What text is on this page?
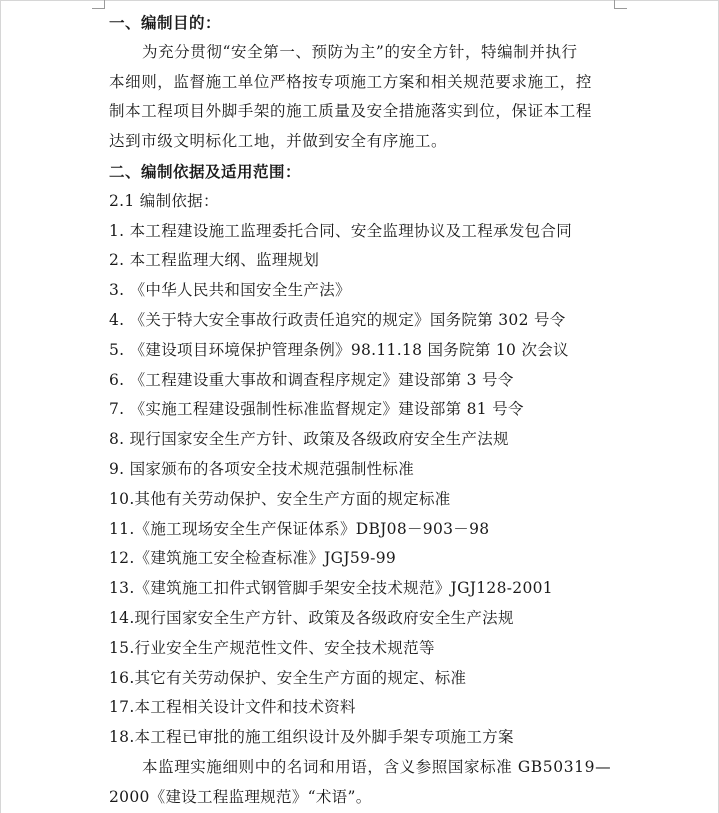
一、编制目的：
为充分贯彻“安全第一、预防为主”的安全方针，特编制并执行
本细则，监督施工单位严格按专项施工方案和相关规范要求施工，控
制本工程项目外脚手架的施工质量及安全措施落实到位，保证本工程
达到市级文明标化工地，并做到安全有序施工。
二、编制依据及适用范围：
2.1 编制依据：
1. 本工程建设施工监理委托合同、安全监理协议及工程承发包合同
2. 本工程监理大纲、监理规划
3. 《中华人民共和国安全生产法》
4. 《关于特大安全事故行政责任追究的规定》国务院第 302 号令
5. 《建设项目环境保护管理条例》98.11.18 国务院第 10 次会议
6. 《工程建设重大事故和调查程序规定》建设部第 3 号令
7. 《实施工程建设强制性标准监督规定》建设部第 81 号令
8. 现行国家安全生产方针、政策及各级政府安全生产法规
9. 国家颁布的各项安全技术规范强制性标准
10.其他有关劳动保护、安全生产方面的规定标准
11.《施工现场安全生产保证体系》DBJ08－903－98
12.《建筑施工安全检查标准》JGJ59-99
13.《建筑施工扣件式钢管脚手架安全技术规范》JGJ128-2001
14.现行国家安全生产方针、政策及各级政府安全生产法规
15.行业安全生产规范性文件、安全技术规范等
16.其它有关劳动保护、安全生产方面的规定、标准
17.本工程相关设计文件和技术资料
18.本工程已审批的施工组织设计及外脚手架专项施工方案
本监理实施细则中的名词和用语，含义参照国家标准 GB50319—
2000《建设工程监理规范》“术语”。
